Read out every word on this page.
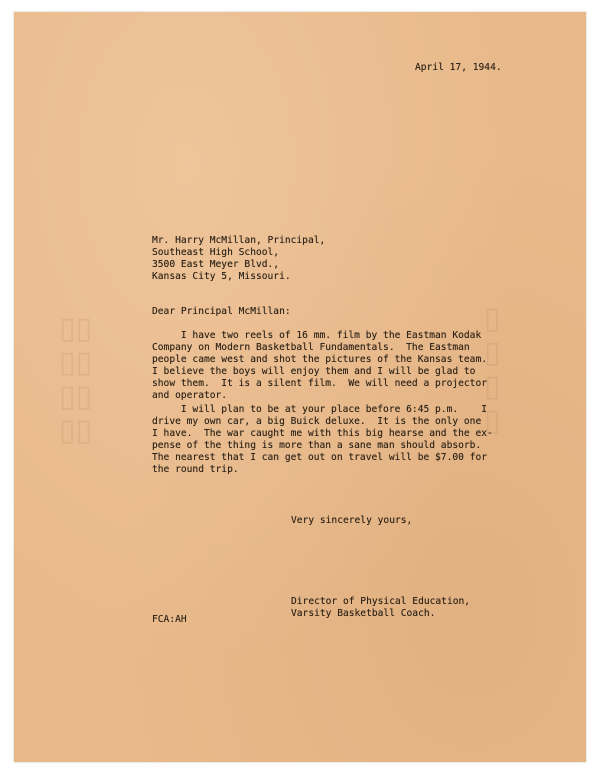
▯▯
▯▯
▯▯
▯▯
▯
▯
▯
▯
April 17, 1944.
Mr. Harry McMillan, Principal,
Southeast High School,
3500 East Meyer Blvd.,
Kansas City 5, Missouri.
Dear Principal McMillan:
I have two reels of 16 mm. film by the Eastman Kodak
Company on Modern Basketball Fundamentals.  The Eastman
people came west and shot the pictures of the Kansas team.
I believe the boys will enjoy them and I will be glad to
show them.  It is a silent film.  We will need a projector
and operator.
I will plan to be at your place before 6:45 p.m.    I
drive my own car, a big Buick deluxe.  It is the only one
I have.  The war caught me with this big hearse and the ex-
pense of the thing is more than a sane man should absorb.
The nearest that I can get out on travel will be $7.00 for
the round trip.
Very sincerely yours,
Director of Physical Education,
Varsity Basketball Coach.
FCA:AH
